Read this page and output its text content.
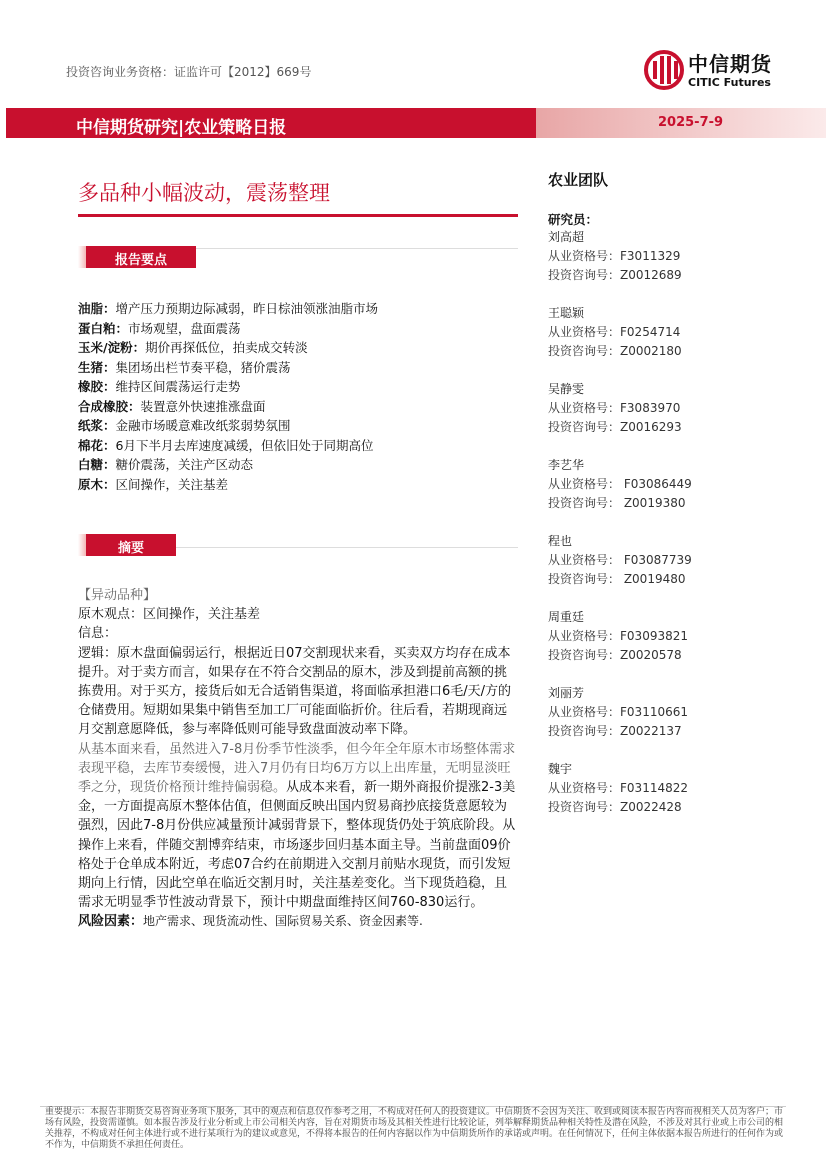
投资咨询业务资格：证监许可【2012】669号	中信期货
CITIC Futures
中信期货研究|农业策略日报	2025-7-9
多品种小幅波动，震荡整理
报告要点
油脂：增产压力预期边际减弱，昨日棕油领涨油脂市场
蛋白粕：市场观望，盘面震荡
玉米/淀粉：期价再探低位，拍卖成交转淡
生猪：集团场出栏节奏平稳，猪价震荡
橡胶：维持区间震荡运行走势
合成橡胶：装置意外快速推涨盘面
纸浆：金融市场暖意难改纸浆弱势氛围
棉花：6月下半月去库速度减缓，但依旧处于同期高位
白糖：糖价震荡，关注产区动态
原木：区间操作，关注基差
摘要

【异动品种】

原木观点：区间操作，关注基差

信息：

逻辑：原木盘面偏弱运行，根据近日07交割现状来看，买卖双方均存在成本提升。对于卖方而言，如果存在不符合交割品的原木，涉及到提前高额的挑拣费用。对于买方，接货后如无合适销售渠道，将面临承担港口6毛/天/方的仓储费用。短期如果集中销售至加工厂可能面临折价。往后看，若期现商远月交割意愿降低，参与率降低则可能导致盘面波动率下降。

从基本面来看，虽然进入7-8月份季节性淡季，但今年全年原木市场整体需求表现平稳，去库节奏缓慢，进入7月仍有日均6万方以上出库量，无明显淡旺季之分，现货价格预计维持偏弱稳。从成本来看，新一期外商报价提涨2-3美金，一方面提高原木整体估值，但侧面反映出国内贸易商抄底接货意愿较为强烈，因此7-8月份供应减量预计减弱背景下，整体现货仍处于筑底阶段。从操作上来看，伴随交割博弈结束，市场逐步回归基本面主导。当前盘面09价格处于仓单成本附近，考虑07合约在前期进入交割月前贴水现货，而引发短期向上行情，因此空单在临近交割月时，关注基差变化。当下现货趋稳，且需求无明显季节性波动背景下，预计中期盘面维持区间760-830运行。

风险因素：地产需求、现货流动性、国际贸易关系、资金因素等.

农业团队
研究员：
刘高超
从业资格号：F3011329
投资咨询号：Z0012689
王聪颖
从业资格号：F0254714
投资咨询号：Z0002180
吴静雯
从业资格号：F3083970
投资咨询号：Z0016293
李艺华
从业资格号： F03086449
投资咨询号： Z0019380
程也
从业资格号： F03087739
投资咨询号： Z0019480
周重廷
从业资格号：F03093821
投资咨询号：Z0020578
刘丽芳
从业资格号：F03110661
投资咨询号：Z0022137
魏宇
从业资格号：F03114822
投资咨询号：Z0022428
重要提示：本报告非期货交易咨询业务项下服务，其中的观点和信息仅作参考之用，不构成对任何人的投资建议。中信期货不会因为关注、收到或阅读本报告内容而视相关人员为客户；市场有风险，投资需谨慎。如本报告涉及行业分析或上市公司相关内容，旨在对期货市场及其相关性进行比较论证，列举解释期货品种相关特性及潜在风险，不涉及对其行业或上市公司的相关推荐，不构成对任何主体进行或不进行某项行为的建议或意见，不得将本报告的任何内容据以作为中信期货所作的承诺或声明。在任何情况下，任何主体依据本报告所进行的任何作为或不作为，中信期货不承担任何责任。
